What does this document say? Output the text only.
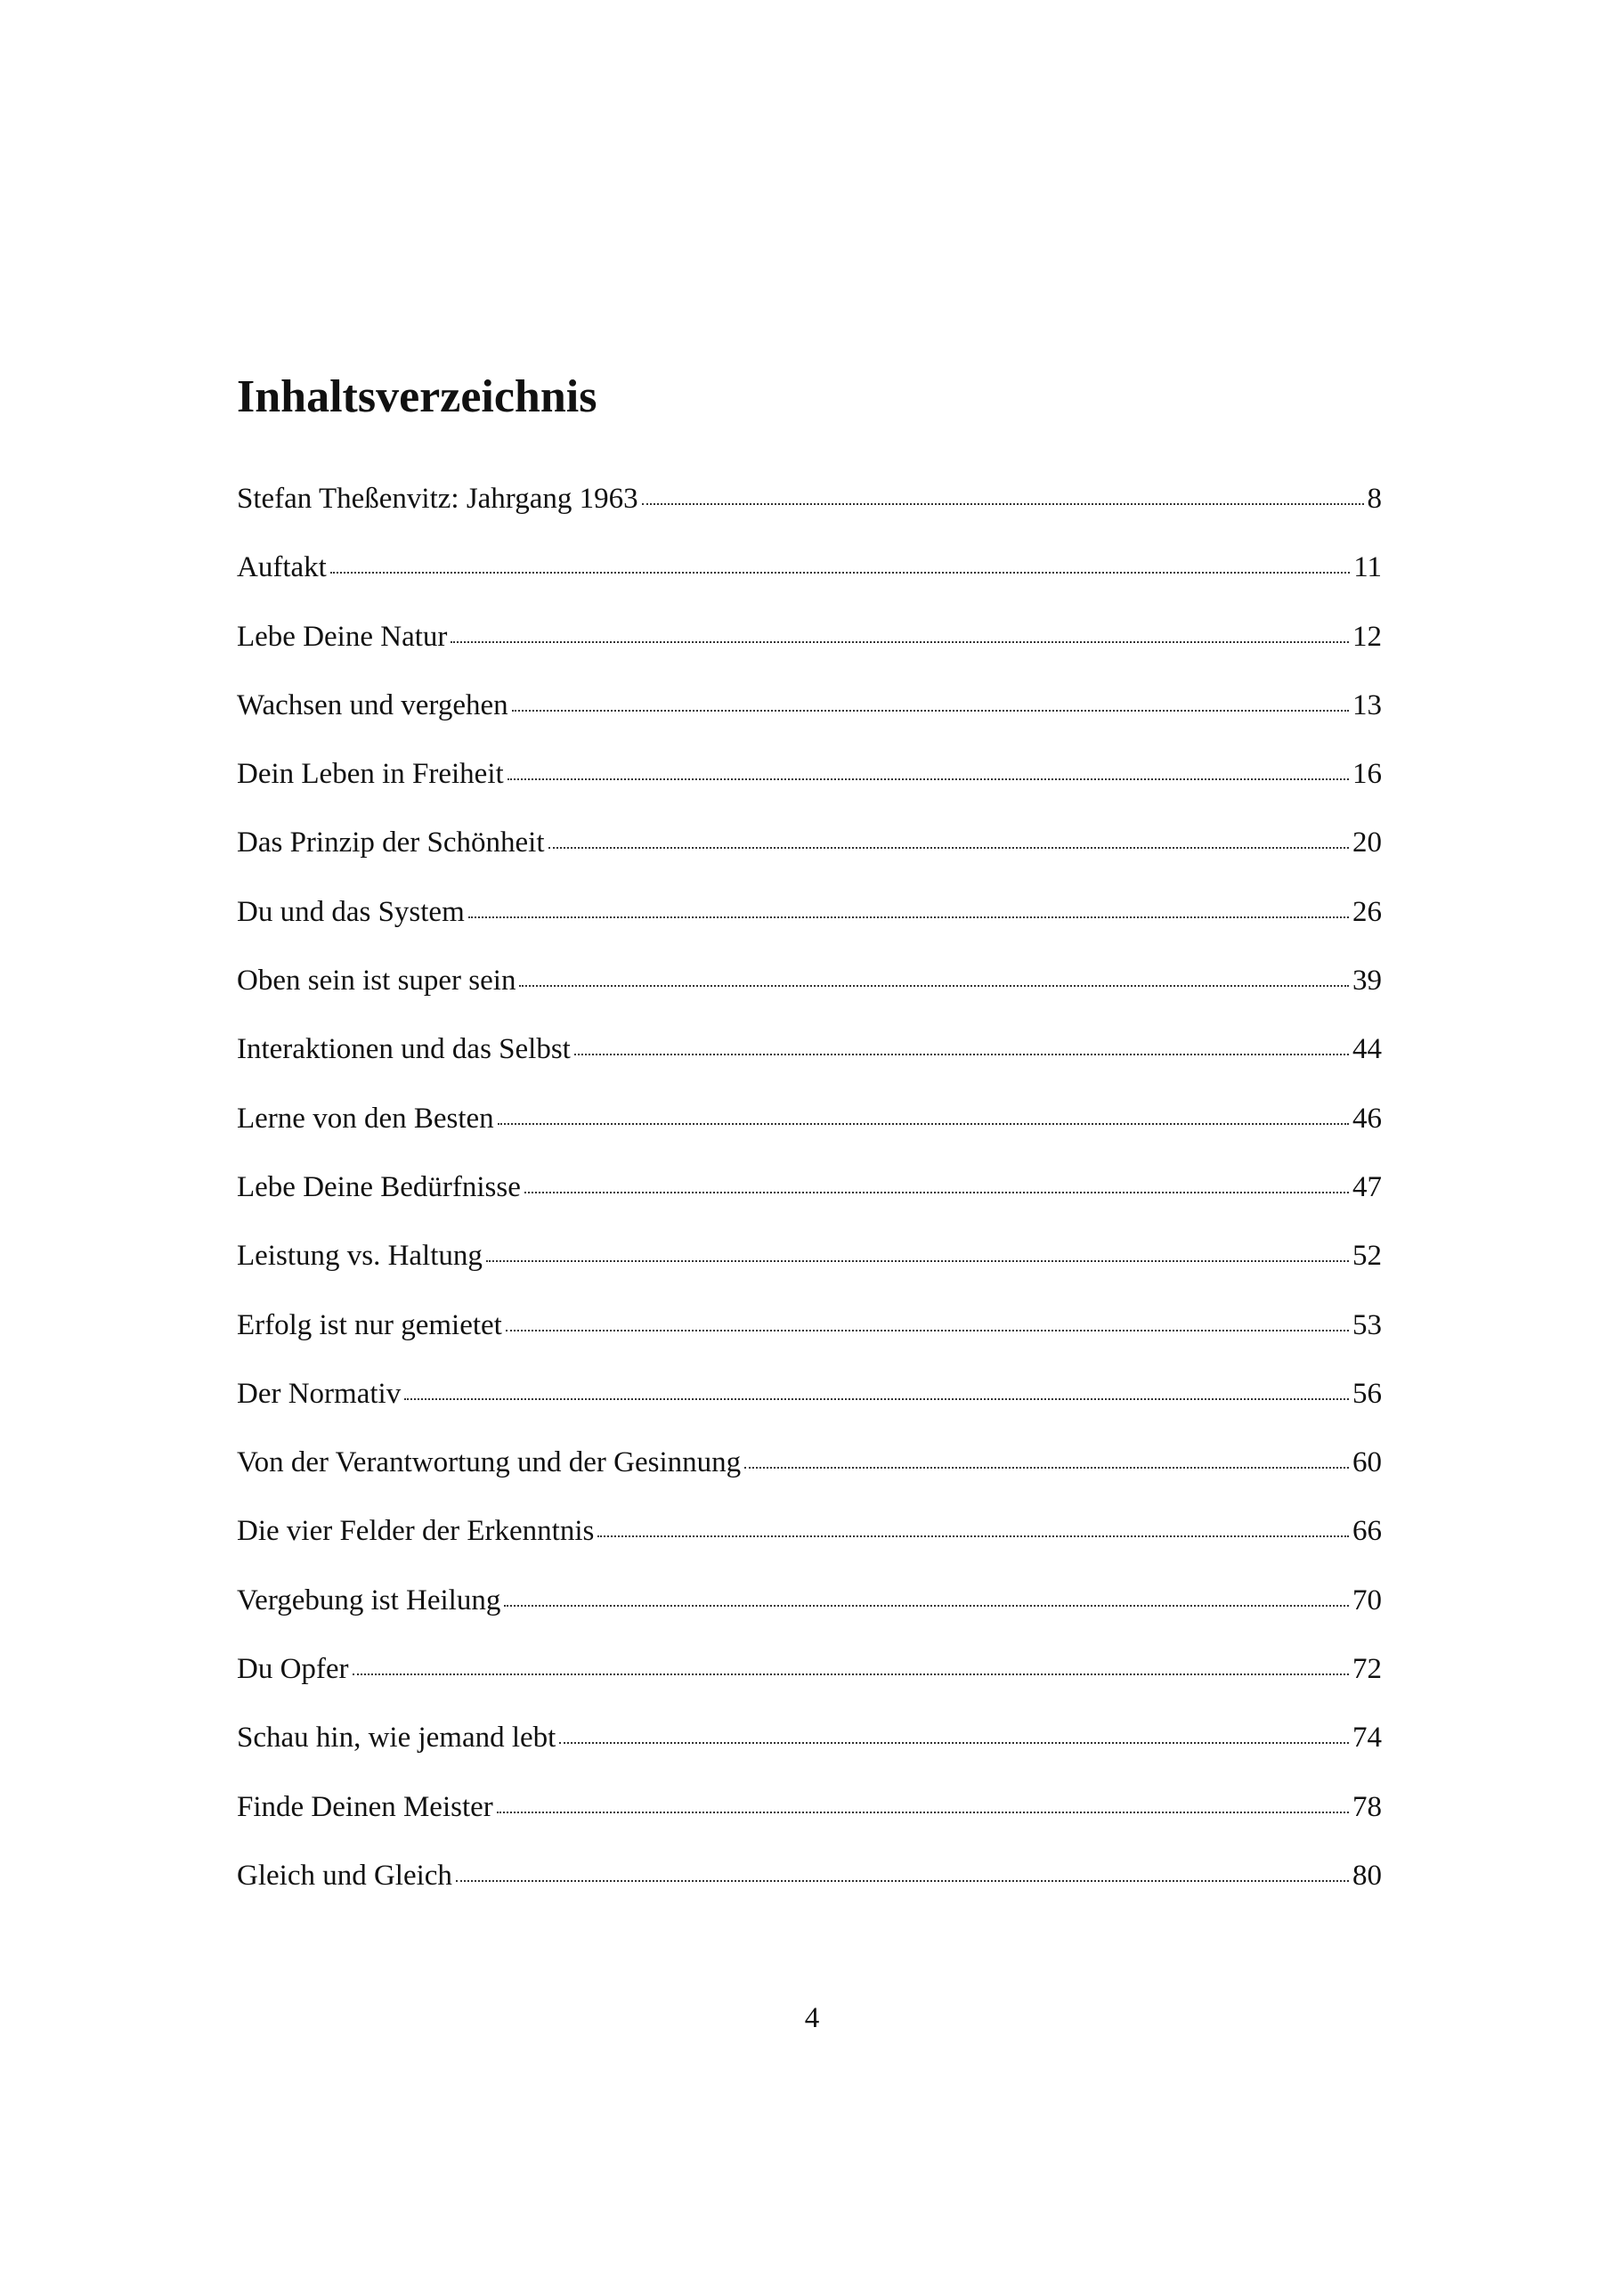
Inhaltsverzeichnis
Stefan Theßenvitz: Jahrgang 1963	8
Auftakt	11
Lebe Deine Natur	12
Wachsen und vergehen	13
Dein Leben in Freiheit	16
Das Prinzip der Schönheit	20
Du und das System	26
Oben sein ist super sein	39
Interaktionen und das Selbst	44
Lerne von den Besten	46
Lebe Deine Bedürfnisse	47
Leistung vs. Haltung	52
Erfolg ist nur gemietet	53
Der Normativ	56
Von der Verantwortung und der Gesinnung	60
Die vier Felder der Erkenntnis	66
Vergebung ist Heilung	70
Du Opfer	72
Schau hin, wie jemand lebt	74
Finde Deinen Meister	78
Gleich und Gleich	80
4
